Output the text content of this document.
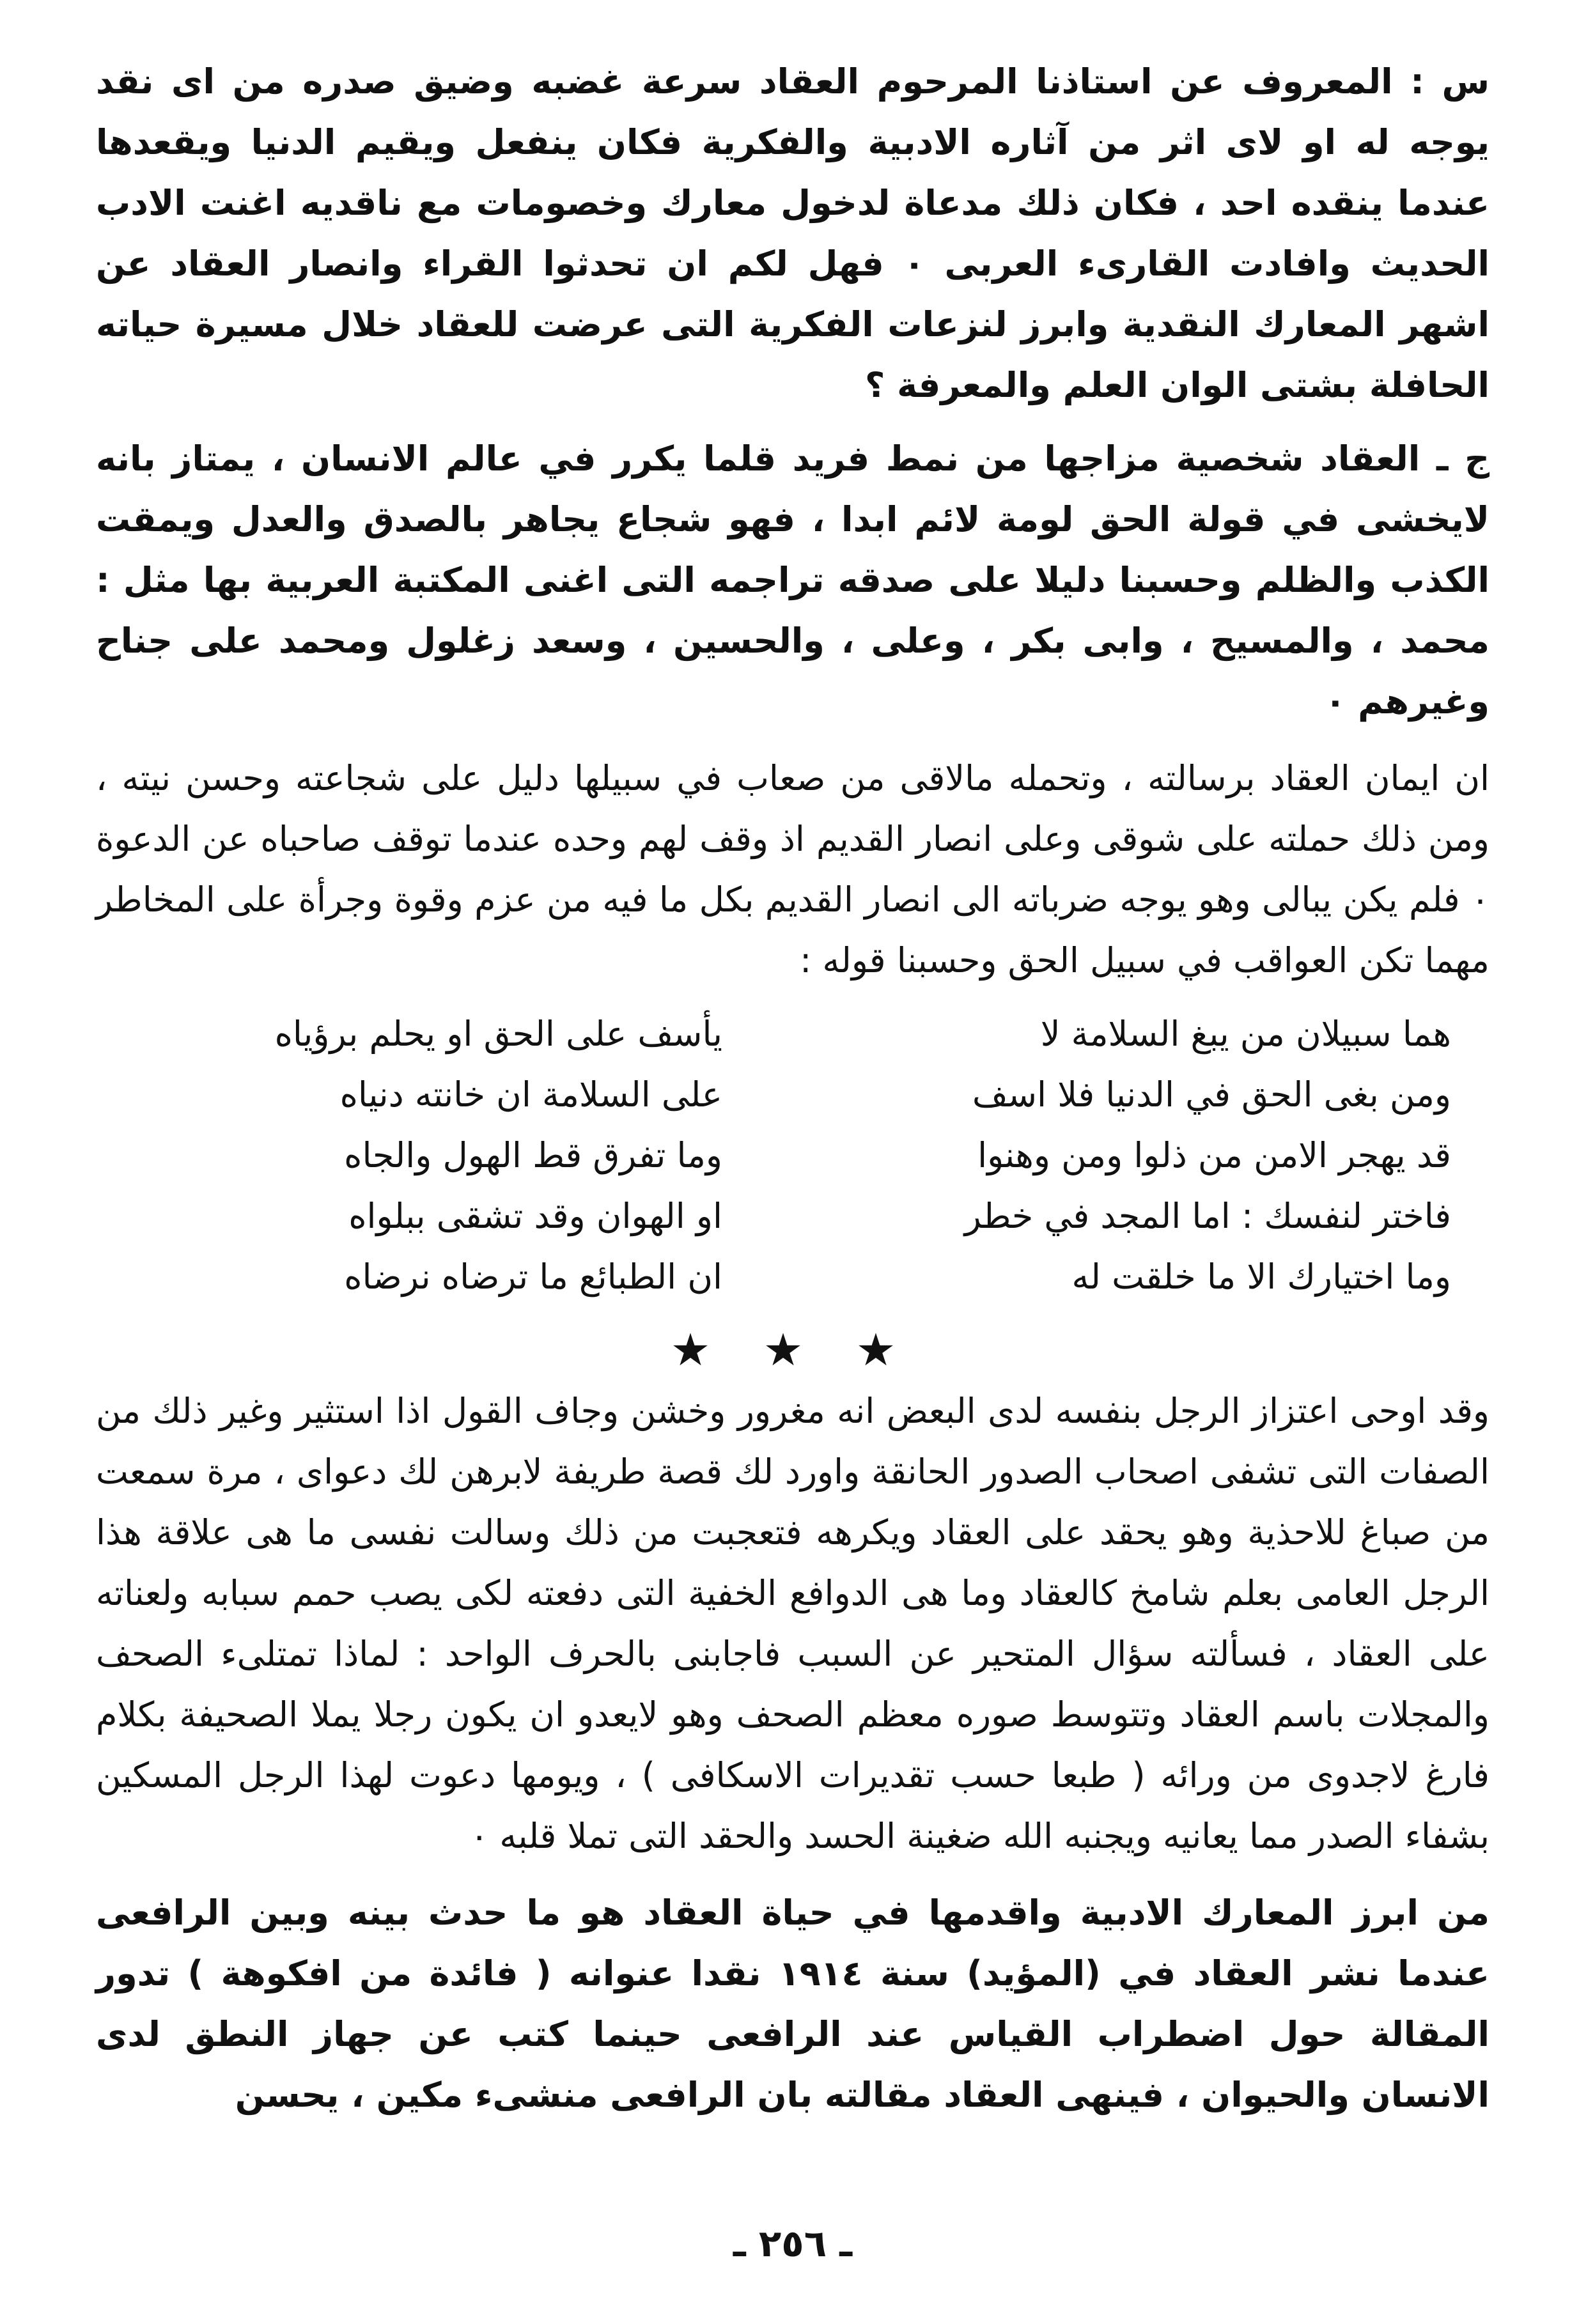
س : المعروف عن استاذنا المرحوم العقاد سرعة غضبه وضيق صدره من اى نقد يوجه له او لاى اثر من آثاره الادبية والفكرية فكان ينفعل ويقيم الدنيا ويقعدها عندما ينقده احد ، فكان ذلك مدعاة لدخول معارك وخصومات مع ناقديه اغنت الادب الحديث وافادت القارىء العربى ٠ فهل لكم ان تحدثوا القراء وانصار العقاد عن اشهر المعارك النقدية وابرز لنزعات الفكرية التى عرضت للعقاد خلال مسيرة حياته الحافلة بشتى الوان العلم والمعرفة ؟

ج ـ العقاد شخصية مزاجها من نمط فريد قلما يكرر في عالم الانسان ، يمتاز بانه لايخشى في قولة الحق لومة لائم ابدا ، فهو شجاع يجاهر بالصدق والعدل ويمقت الكذب والظلم وحسبنا دليلا على صدقه تراجمه التى اغنى المكتبة العربية بها مثل : محمد ، والمسيح ، وابى بكر ، وعلى ، والحسين ، وسعد زغلول ومحمد على جناح وغيرهم ٠

ان ايمان العقاد برسالته ، وتحمله مالاقى من صعاب في سبيلها دليل على شجاعته وحسن نيته ، ومن ذلك حملته على شوقى وعلى انصار القديم اذ وقف لهم وحده عندما توقف صاحباه عن الدعوة ٠ فلم يكن يبالى وهو يوجه ضرباته الى انصار القديم بكل ما فيه من عزم وقوة وجرأة على المخاطر مهما تكن العواقب في سبيل الحق وحسبنا قوله :

هما سبيلان من يبغ السلامة لا
يأسف على الحق او يحلم برؤياه
ومن بغى الحق في الدنيا فلا اسف
على السلامة ان خانته دنياه
قد يهجر الامن من ذلوا ومن وهنوا
وما تفرق قط الهول والجاه
فاختر لنفسك : اما المجد في خطر
او الهوان وقد تشقى ببلواه
وما اختيارك الا ما خلقت له
ان الطبائع ما ترضاه نرضاه
★ ★ ★

وقد اوحى اعتزاز الرجل بنفسه لدى البعض انه مغرور وخشن وجاف القول اذا استثير وغير ذلك من الصفات التى تشفى اصحاب الصدور الحانقة واورد لك قصة طريفة لابرهن لك دعواى ، مرة سمعت من صباغ للاحذية وهو يحقد على العقاد ويكرهه فتعجبت من ذلك وسالت نفسى ما هى علاقة هذا الرجل العامى بعلم شامخ كالعقاد وما هى الدوافع الخفية التى دفعته لكى يصب حمم سبابه ولعناته على العقاد ، فسألته سؤال المتحير عن السبب فاجابنى بالحرف الواحد : لماذا تمتلىء الصحف والمجلات باسم العقاد وتتوسط صوره معظم الصحف وهو لايعدو ان يكون رجلا يملا الصحيفة بكلام فارغ لاجدوى من ورائه ( طبعا حسب تقديرات الاسكافى ) ، ويومها دعوت لهذا الرجل المسكين بشفاء الصدر مما يعانيه ويجنبه الله ضغينة الحسد والحقد التى تملا قلبه ٠

من ابرز المعارك الادبية واقدمها في حياة العقاد هو ما حدث بينه وبين الرافعى عندما نشر العقاد في (المؤيد) سنة ١٩١٤ نقدا عنوانه ( فائدة من افكوهة ) تدور المقالة حول اضطراب القياس عند الرافعى حينما كتب عن جهاز النطق لدى الانسان والحيوان ، فينهى العقاد مقالته بان الرافعى منشىء مكين ، يحسن

ـ ٢٥٦ ـ
